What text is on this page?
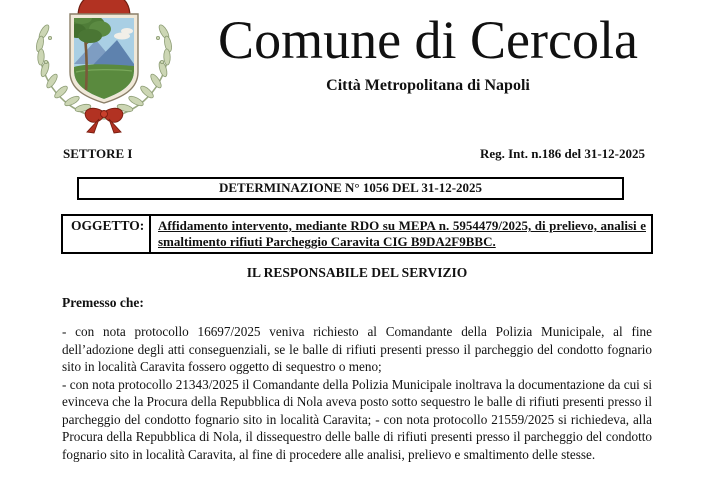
Comune di Cercola
Città Metropolitana di Napoli
SETTORE I	Reg. Int. n.186 del 31-12-2025
DETERMINAZIONE N° 1056 DEL 31-12-2025
OGGETTO:	Affidamento intervento, mediante RDO su MEPA n. 5954479/2025, di prelievo, analisi e smaltimento rifiuti Parcheggio Caravita CIG B9DA2F9BBC.
IL RESPONSABILE DEL SERVIZIO
Premesso che:

- con nota protocollo 16697/2025 veniva richiesto al Comandante della Polizia Municipale, al fine dell’adozione degli atti conseguenziali, se le balle di rifiuti presenti presso il parcheggio del condotto fognario sito in località Caravita fossero oggetto di sequestro o meno;

- con nota protocollo 21343/2025 il Comandante della Polizia Municipale inoltrava la documentazione da cui si evinceva che la Procura della Repubblica di Nola aveva posto sotto sequestro le balle di rifiuti presenti presso il parcheggio del condotto fognario sito in località Caravita; - con nota protocollo 21559/2025 si richiedeva, alla Procura della Repubblica di Nola, il dissequestro delle balle di rifiuti presenti presso il parcheggio del condotto fognario sito in località Caravita, al fine di procedere alle analisi, prelievo e smaltimento delle stesse.
